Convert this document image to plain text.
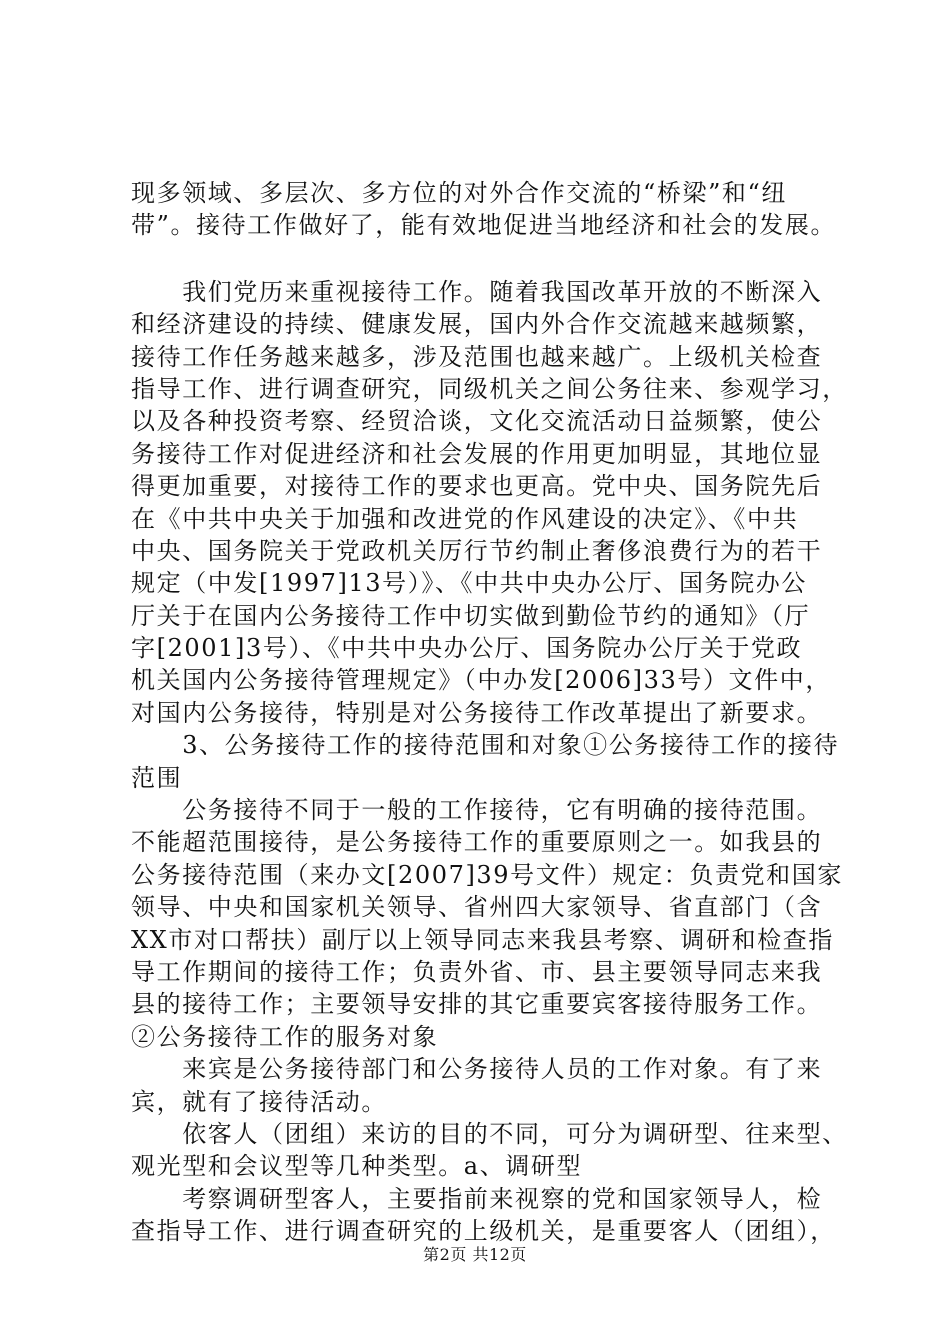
现多领域、多层次、多方位的对外合作交流的“桥梁”和“纽
带”。接待工作做好了，能有效地促进当地经济和社会的发展。
　　我们党历来重视接待工作。随着我国改革开放的不断深入
和经济建设的持续、健康发展，国内外合作交流越来越频繁，
接待工作任务越来越多，涉及范围也越来越广。上级机关检查
指导工作、进行调查研究，同级机关之间公务往来、参观学习，
以及各种投资考察、经贸洽谈，文化交流活动日益频繁，使公
务接待工作对促进经济和社会发展的作用更加明显，其地位显
得更加重要，对接待工作的要求也更高。党中央、国务院先后
在《中共中央关于加强和改进党的作风建设的决定》、《中共
中央、国务院关于党政机关厉行节约制止奢侈浪费行为的若干
规定（中发[1997]13号）》、《中共中央办公厅、国务院办公
厅关于在国内公务接待工作中切实做到勤俭节约的通知》（厅
字[2001]3号）、《中共中央办公厅、国务院办公厅关于党政
机关国内公务接待管理规定》（中办发[2006]33号）文件中，
对国内公务接待，特别是对公务接待工作改革提出了新要求。
　　3、公务接待工作的接待范围和对象①公务接待工作的接待
范围
　　公务接待不同于一般的工作接待，它有明确的接待范围。
不能超范围接待，是公务接待工作的重要原则之一。如我县的
公务接待范围（来办文[2007]39号文件）规定：负责党和国家
领导、中央和国家机关领导、省州四大家领导、省直部门（含
XX市对口帮扶）副厅以上领导同志来我县考察、调研和检查指
导工作期间的接待工作；负责外省、市、县主要领导同志来我
县的接待工作；主要领导安排的其它重要宾客接待服务工作。
②公务接待工作的服务对象
　　来宾是公务接待部门和公务接待人员的工作对象。有了来
宾，就有了接待活动。
　　依客人（团组）来访的目的不同，可分为调研型、往来型、
观光型和会议型等几种类型。a、调研型
　　考察调研型客人，主要指前来视察的党和国家领导人，检
查指导工作、进行调查研究的上级机关，是重要客人（团组），
第2页 共12页
